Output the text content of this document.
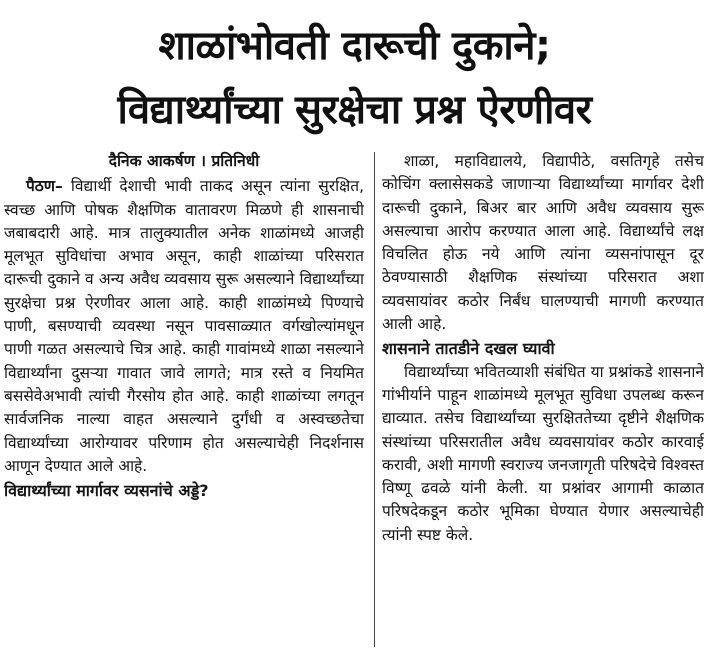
शाळांभोवती दारूची दुकाने;
विद्यार्थ्यांच्या सुरक्षेचा प्रश्न ऐरणीवर
दैनिक आकर्षण । प्रतिनिधी

पैठण– विद्यार्थी देशाची भावी ताकद असून त्यांना सुरक्षित, स्वच्छ आणि पोषक शैक्षणिक वातावरण मिळणे ही शासनाची जबाबदारी आहे. मात्र तालुक्यातील अनेक शाळांमध्ये आजही मूलभूत सुविधांचा अभाव असून, काही शाळांच्या परिसरात दारूची दुकाने व अन्य अवैध व्यवसाय सुरू असल्याने विद्यार्थ्यांच्या सुरक्षेचा प्रश्न ऐरणीवर आला आहे. काही शाळांमध्ये पिण्याचे पाणी, बसण्याची व्यवस्था नसून पावसाळ्यात वर्गखोल्यांमधून पाणी गळत असल्याचे चित्र आहे. काही गावांमध्ये शाळा नसल्याने विद्यार्थ्यांना दुसऱ्या गावात जावे लागते; मात्र रस्ते व नियमित बससेवेअभावी त्यांची गैरसोय होत आहे. काही शाळांच्या लगतून सार्वजनिक नाल्या वाहत असल्याने दुर्गंधी व अस्वच्छतेचा विद्यार्थ्यांच्या आरोग्यावर परिणाम होत असल्याचेही निदर्शनास आणून देण्यात आले आहे.

विद्यार्थ्यांच्या मार्गावर व्यसनांचे अड्डे?

शाळा, महाविद्यालये, विद्यापीठे, वसतिगृहे तसेच कोचिंग क्लासेसकडे जाणाऱ्या विद्यार्थ्यांच्या मार्गावर देशी दारूची दुकाने, बिअर बार आणि अवैध व्यवसाय सुरू असल्याचा आरोप करण्यात आला आहे. विद्यार्थ्यांचे लक्ष विचलित होऊ नये आणि त्यांना व्यसनांपासून दूर ठेवण्यासाठी शैक्षणिक संस्थांच्या परिसरात अशा व्यवसायांवर कठोर निर्बंध घालण्याची मागणी करण्यात आली आहे.

शासनाने तातडीने दखल घ्यावी

विद्यार्थ्यांच्या भवितव्याशी संबंधित या प्रश्नांकडे शासनाने गांभीर्याने पाहून शाळांमध्ये मूलभूत सुविधा उपलब्ध करून द्याव्यात. तसेच विद्यार्थ्यांच्या सुरक्षिततेच्या दृष्टीने शैक्षणिक संस्थांच्या परिसरातील अवैध व्यवसायांवर कठोर कारवाई करावी, अशी मागणी स्वराज्य जनजागृती परिषदेचे विश्वस्त विष्णू ढवळे यांनी केली. या प्रश्नांवर आगामी काळात परिषदेकडून कठोर भूमिका घेण्यात येणार असल्याचेही त्यांनी स्पष्ट केले.
